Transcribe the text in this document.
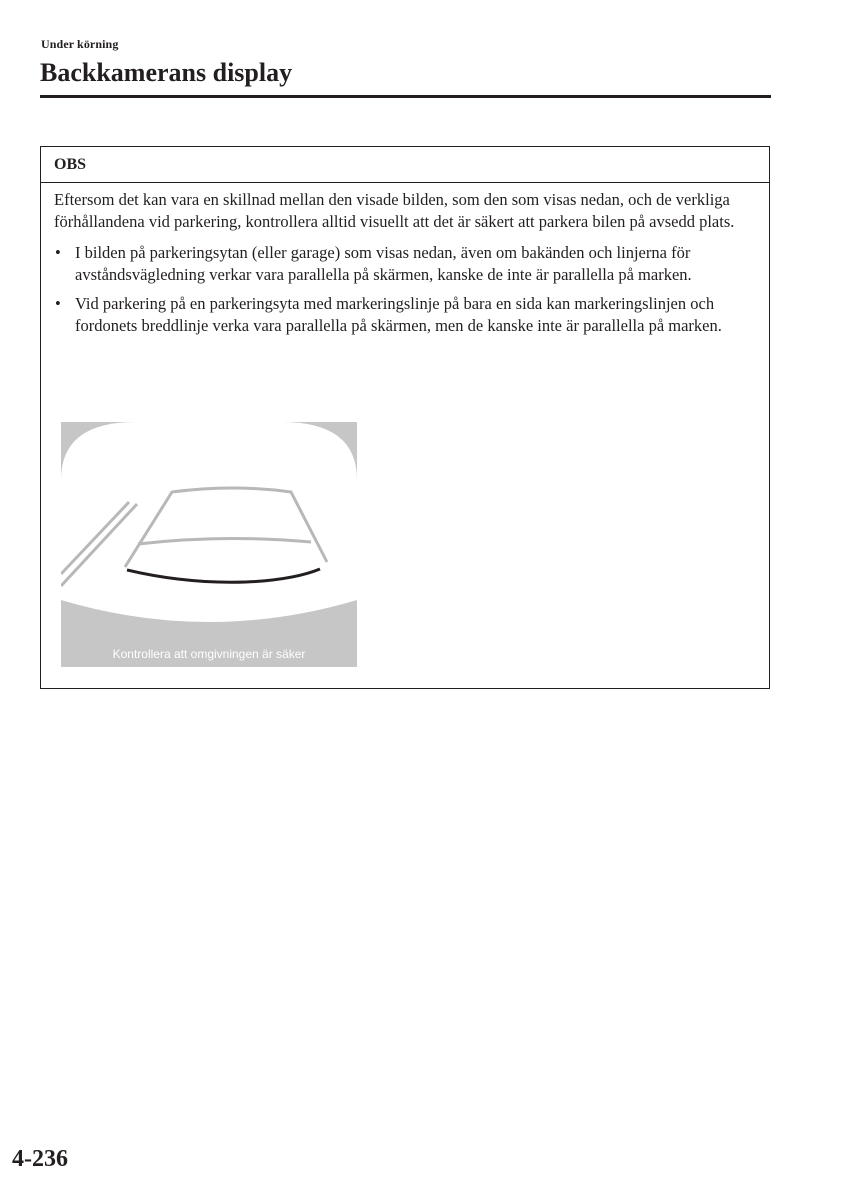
Under körning
Backkamerans display
OBS

Eftersom det kan vara en skillnad mellan den visade bilden, som den som visas nedan, och de verkliga förhållandena vid parkering, kontrollera alltid visuellt att det är säkert att parkera bilen på avsedd plats.

• I bilden på parkeringsytan (eller garage) som visas nedan, även om bakänden och linjerna för avståndsvägledning verkar vara parallella på skärmen, kanske de inte är parallella på marken.
• Vid parkering på en parkeringsyta med markeringslinje på bara en sida kan markeringslinjen och fordonets breddlinje verka vara parallella på skärmen, men de kanske inte är parallella på marken.
Kontrollera att omgivningen är säker
4-236
